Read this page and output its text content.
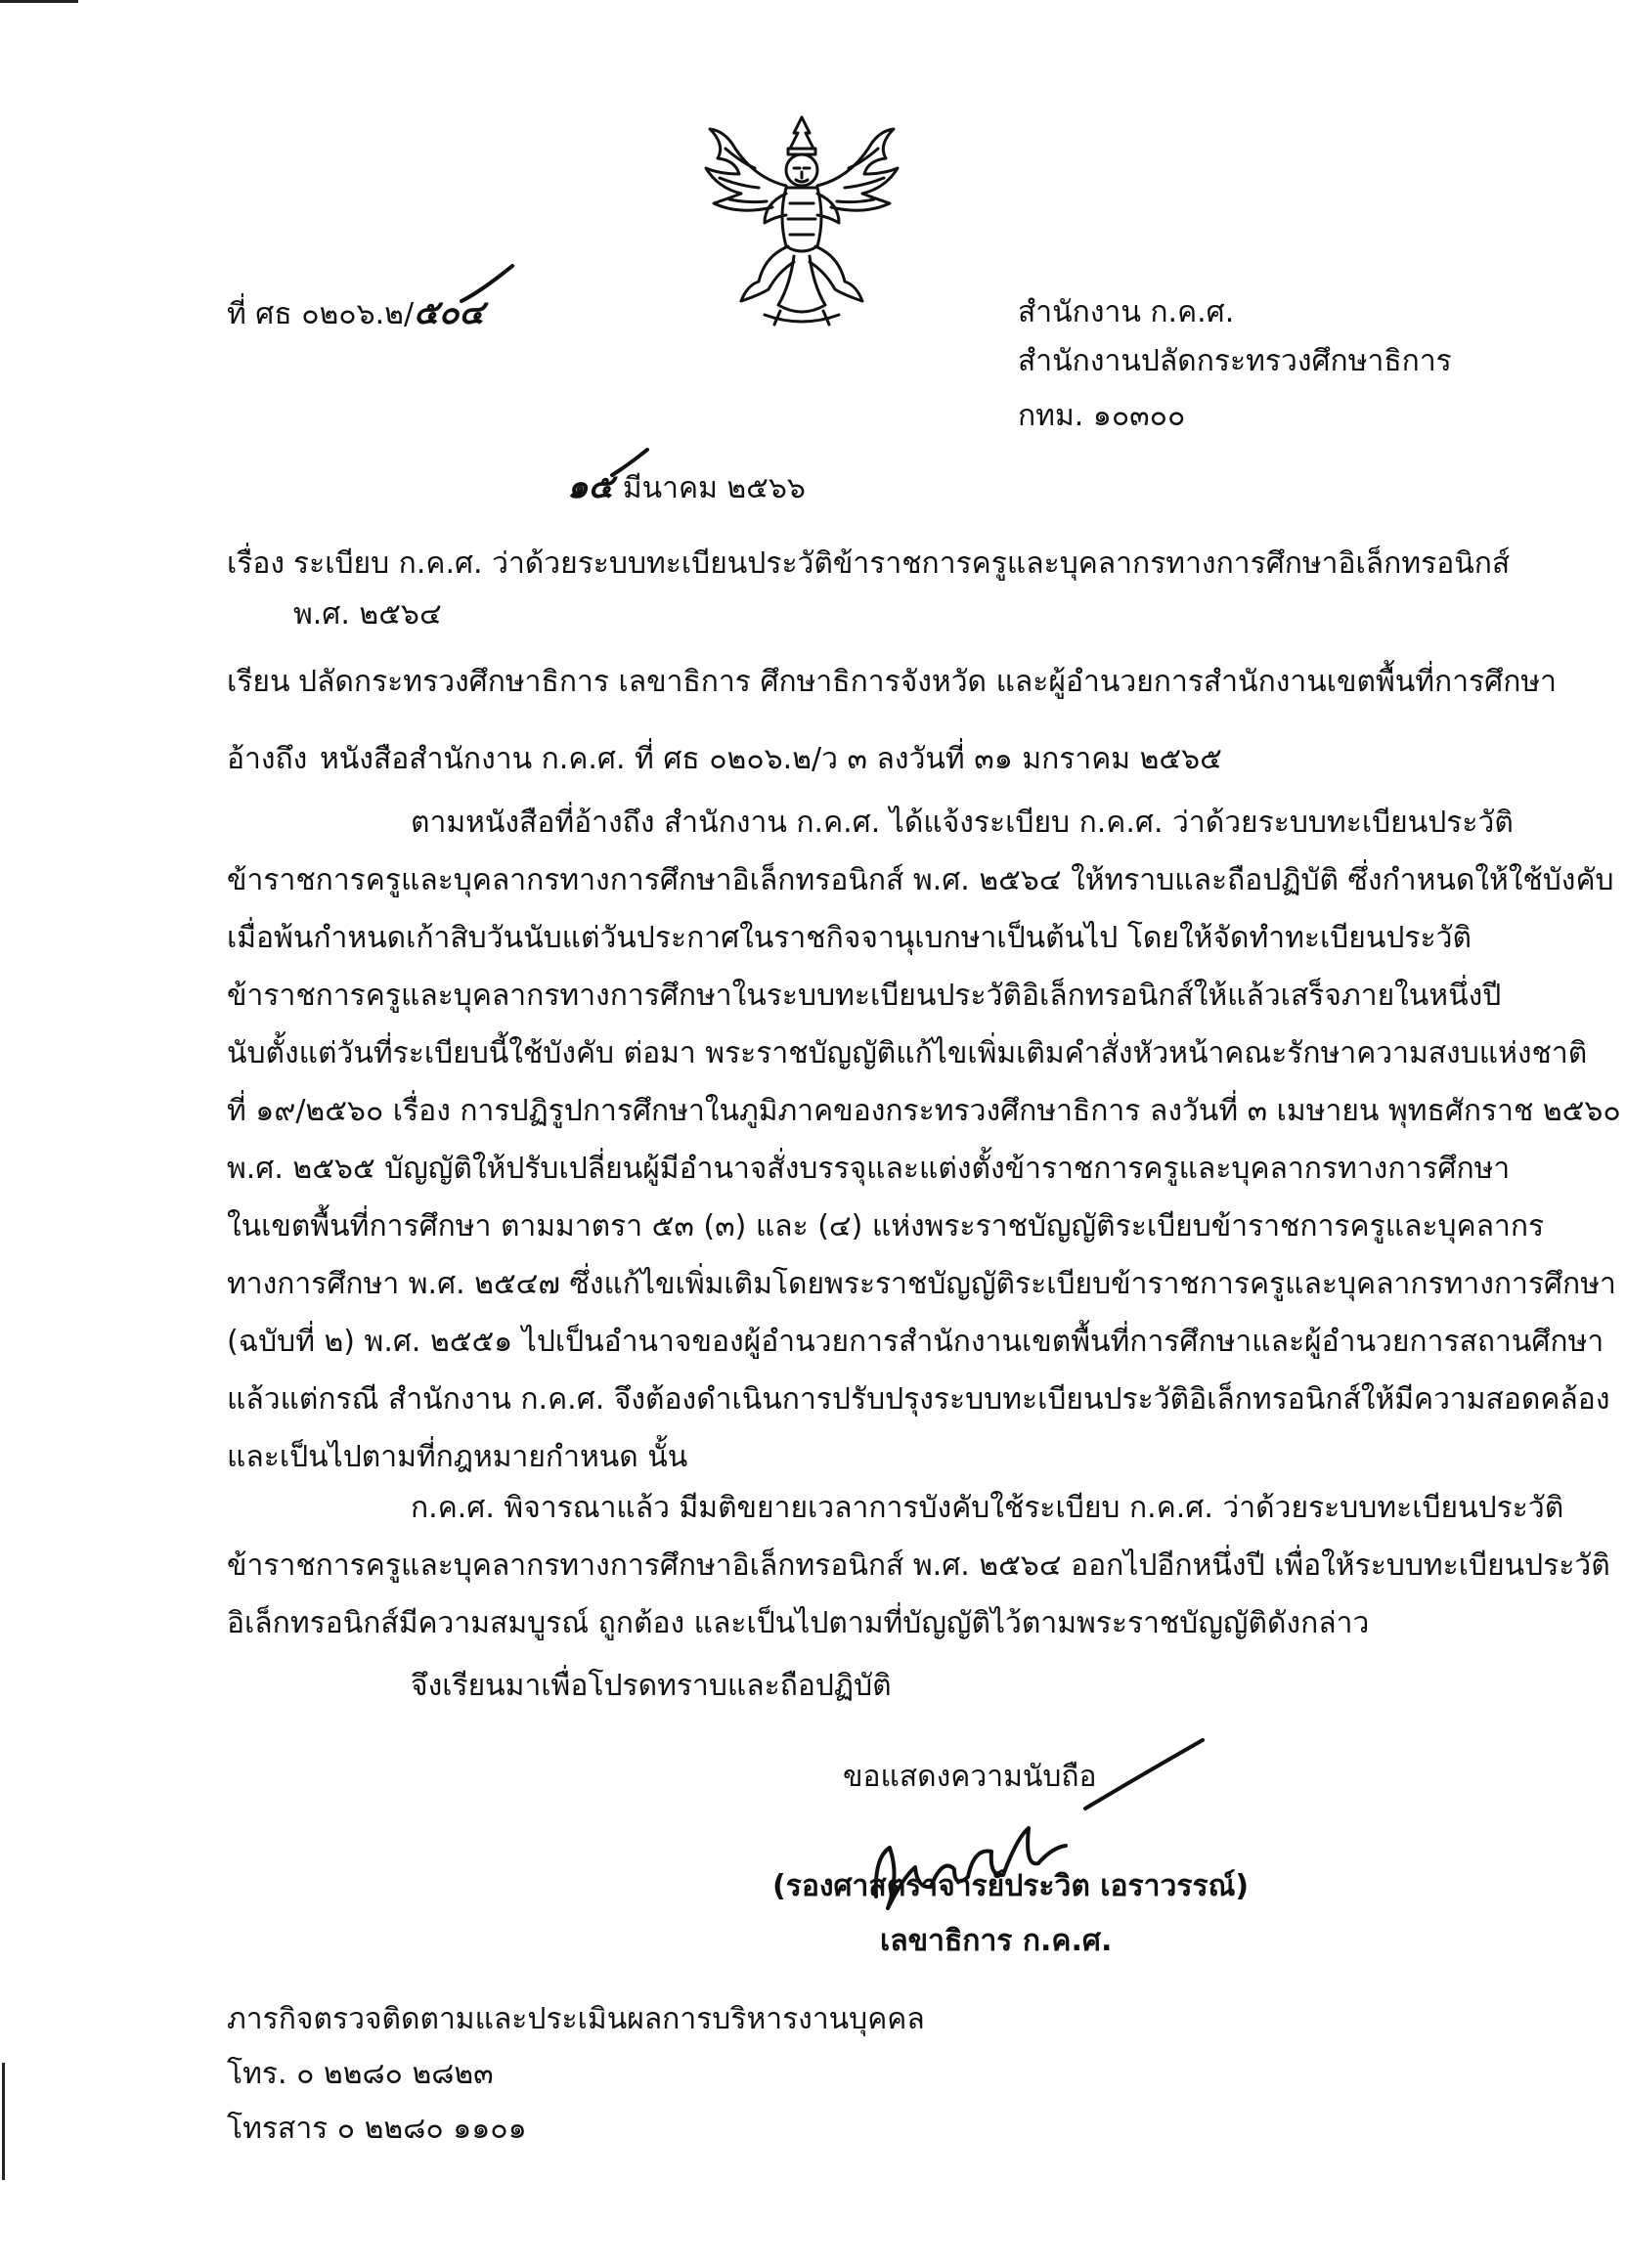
ที่ ศธ ๐๒๐๖.๒/๕๐๔	สำนักงาน ก.ค.ศ.
สำนักงานปลัดกระทรวงศึกษาธิการ
กทม. ๑๐๓๐๐
๑๕ มีนาคม ๒๕๖๖
เรื่อง ระเบียบ ก.ค.ศ. ว่าด้วยระบบทะเบียนประวัติข้าราชการครูและบุคลากรทางการศึกษาอิเล็กทรอนิกส์
พ.ศ. ๒๕๖๔
เรียน ปลัดกระทรวงศึกษาธิการ เลขาธิการ ศึกษาธิการจังหวัด และผู้อำนวยการสำนักงานเขตพื้นที่การศึกษา
อ้างถึง หนังสือสำนักงาน ก.ค.ศ. ที่ ศธ ๐๒๐๖.๒/ว ๓ ลงวันที่ ๓๑ มกราคม ๒๕๖๕
ตามหนังสือที่อ้างถึง สำนักงาน ก.ค.ศ. ได้แจ้งระเบียบ ก.ค.ศ. ว่าด้วยระบบทะเบียนประวัติ
ข้าราชการครูและบุคลากรทางการศึกษาอิเล็กทรอนิกส์ พ.ศ. ๒๕๖๔ ให้ทราบและถือปฏิบัติ ซึ่งกำหนดให้ใช้บังคับ
เมื่อพ้นกำหนดเก้าสิบวันนับแต่วันประกาศในราชกิจจานุเบกษาเป็นต้นไป โดยให้จัดทำทะเบียนประวัติ
ข้าราชการครูและบุคลากรทางการศึกษาในระบบทะเบียนประวัติอิเล็กทรอนิกส์ให้แล้วเสร็จภายในหนึ่งปี
นับตั้งแต่วันที่ระเบียบนี้ใช้บังคับ ต่อมา พระราชบัญญัติแก้ไขเพิ่มเติมคำสั่งหัวหน้าคณะรักษาความสงบแห่งชาติ
ที่ ๑๙/๒๕๖๐ เรื่อง การปฏิรูปการศึกษาในภูมิภาคของกระทรวงศึกษาธิการ ลงวันที่ ๓ เมษายน พุทธศักราช ๒๕๖๐
พ.ศ. ๒๕๖๕ บัญญัติให้ปรับเปลี่ยนผู้มีอำนาจสั่งบรรจุและแต่งตั้งข้าราชการครูและบุคลากรทางการศึกษา
ในเขตพื้นที่การศึกษา ตามมาตรา ๕๓ (๓) และ (๔) แห่งพระราชบัญญัติระเบียบข้าราชการครูและบุคลากร
ทางการศึกษา พ.ศ. ๒๕๔๗ ซึ่งแก้ไขเพิ่มเติมโดยพระราชบัญญัติระเบียบข้าราชการครูและบุคลากรทางการศึกษา
(ฉบับที่ ๒) พ.ศ. ๒๕๕๑ ไปเป็นอำนาจของผู้อำนวยการสำนักงานเขตพื้นที่การศึกษาและผู้อำนวยการสถานศึกษา
แล้วแต่กรณี สำนักงาน ก.ค.ศ. จึงต้องดำเนินการปรับปรุงระบบทะเบียนประวัติอิเล็กทรอนิกส์ให้มีความสอดคล้อง
และเป็นไปตามที่กฎหมายกำหนด นั้น
ก.ค.ศ. พิจารณาแล้ว มีมติขยายเวลาการบังคับใช้ระเบียบ ก.ค.ศ. ว่าด้วยระบบทะเบียนประวัติ
ข้าราชการครูและบุคลากรทางการศึกษาอิเล็กทรอนิกส์ พ.ศ. ๒๕๖๔ ออกไปอีกหนึ่งปี เพื่อให้ระบบทะเบียนประวัติ
อิเล็กทรอนิกส์มีความสมบูรณ์ ถูกต้อง และเป็นไปตามที่บัญญัติไว้ตามพระราชบัญญัติดังกล่าว
จึงเรียนมาเพื่อโปรดทราบและถือปฏิบัติ
ขอแสดงความนับถือ
(รองศาสตราจารย์ประวิต เอราวรรณ์)
เลขาธิการ ก.ค.ศ.
ภารกิจตรวจติดตามและประเมินผลการบริหารงานบุคคล
โทร. ๐ ๒๒๘๐ ๒๘๒๓
โทรสาร ๐ ๒๒๘๐ ๑๑๐๑
